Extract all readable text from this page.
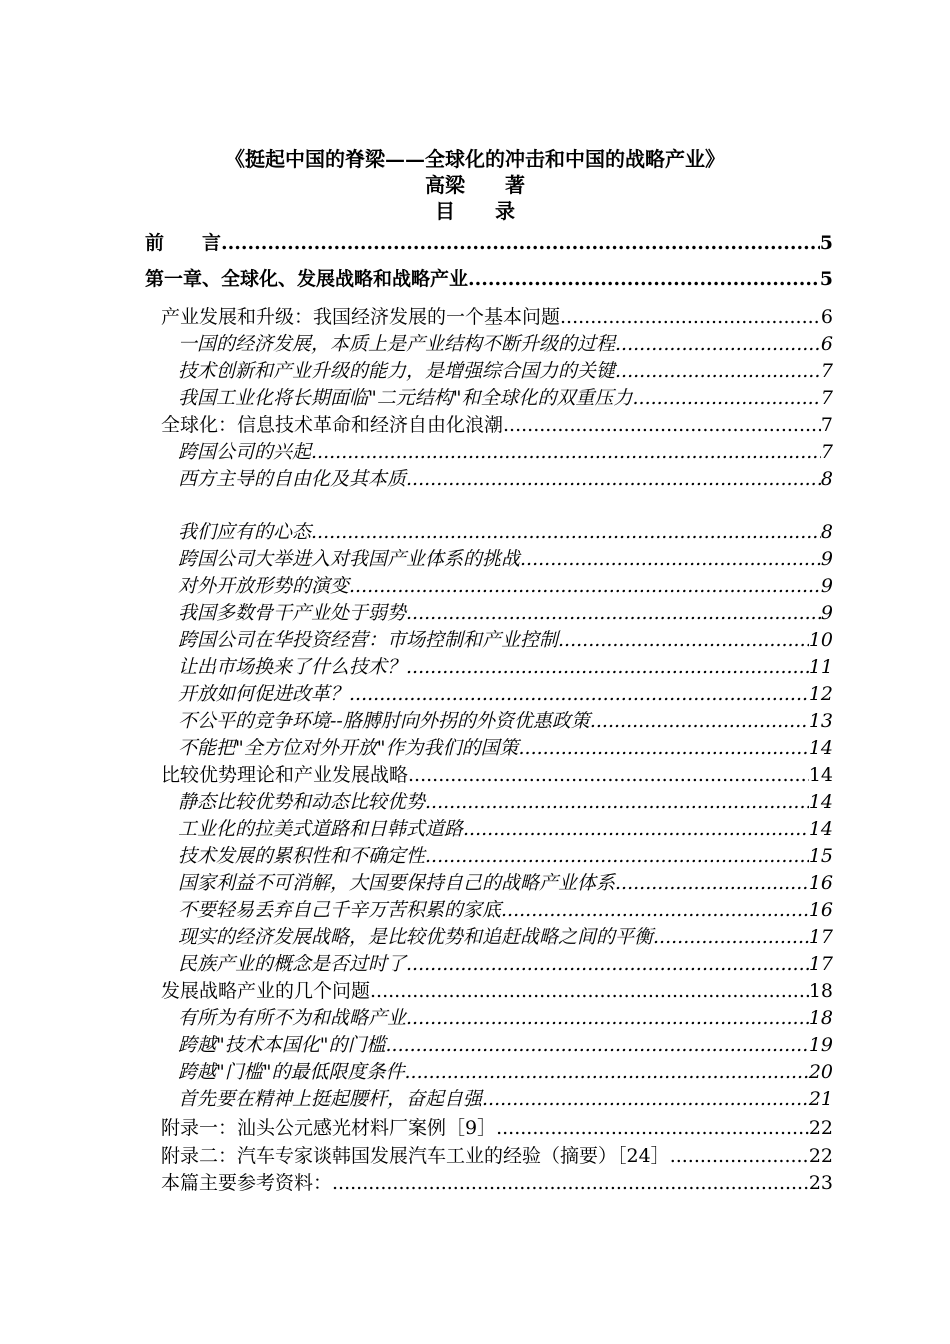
《挺起中国的脊梁——全球化的冲击和中国的战略产业》
高梁　　著
目　　录
前　　言 .....	5
第一章、全球化、发展战略和战略产业 .....	5
产业发展和升级：我国经济发展的一个基本问题 .....	6
一国的经济发展，本质上是产业结构不断升级的过程 .....	6
技术创新和产业升级的能力，是增强综合国力的关键 .....	7
我国工业化将长期面临"二元结构"和全球化的双重压力 .....	7
全球化：信息技术革命和经济自由化浪潮 .....	7
跨国公司的兴起 .....	7
西方主导的自由化及其本质 .....	8
我们应有的心态 .....	8
跨国公司大举进入对我国产业体系的挑战 .....	9
对外开放形势的演变 .....	9
我国多数骨干产业处于弱势 .....	9
跨国公司在华投资经营：市场控制和产业控制 .....	10
让出市场换来了什么技术？ .....	11
开放如何促进改革？ .....	12
不公平的竞争环境--胳膊肘向外拐的外资优惠政策 .....	13
不能把"全方位对外开放"作为我们的国策 .....	14
比较优势理论和产业发展战略 .....	14
静态比较优势和动态比较优势 .....	14
工业化的拉美式道路和日韩式道路 .....	14
技术发展的累积性和不确定性 .....	15
国家利益不可消解，大国要保持自己的战略产业体系 .....	16
不要轻易丢弃自己千辛万苦积累的家底 .....	16
现实的经济发展战略，是比较优势和追赶战略之间的平衡 .....	17
民族产业的概念是否过时了 .....	17
发展战略产业的几个问题 .....	18
有所为有所不为和战略产业 .....	18
跨越"技术本国化"的门槛 .....	19
跨越"门槛"的最低限度条件 .....	20
首先要在精神上挺起腰杆，奋起自强 .....	21
附录一：汕头公元感光材料厂案例［9］ .....	22
附录二：汽车专家谈韩国发展汽车工业的经验（摘要）［24］ .....	22
本篇主要参考资料： .....	23
